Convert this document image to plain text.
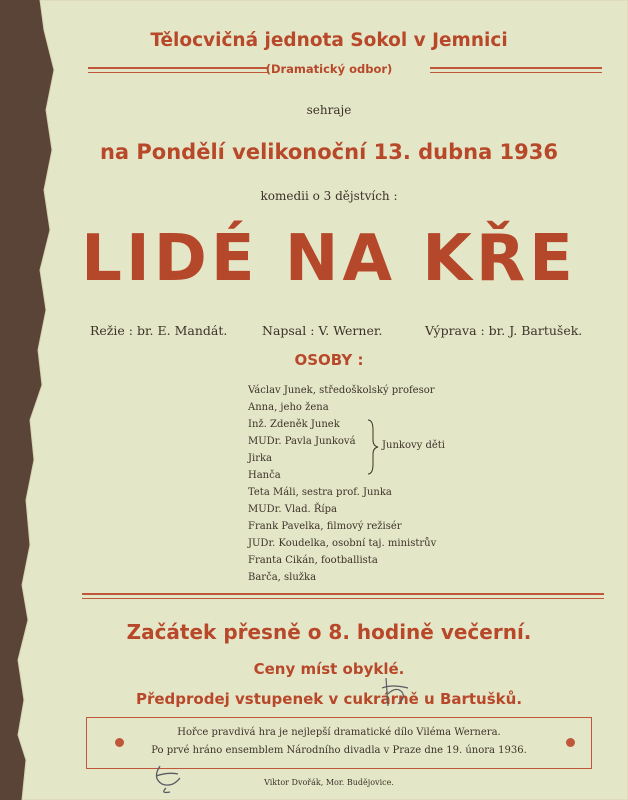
Tělocvičná jednota Sokol v Jemnici
(Dramatický odbor)
sehraje
na Pondělí velikonoční 13. dubna 1936
komedii o 3 dějstvích :
LIDÉ NA KŘE
Režie : br. E. Mandát.	Napsal : V. Werner.	Výprava : br. J. Bartušek.
OSOBY :
Václav Junek, středoškolský profesor
Anna, jeho žena
Inž. Zdeněk Junek
MUDr. Pavla Junková
Jirka
Hanča
Teta Máli, sestra prof. Junka
MUDr. Vlad. Řípa
Frank Pavelka, filmový režisér
JUDr. Koudelka, osobní taj. ministrův
Franta Cikán, footballista
Barča, služka
Junkovy děti
Začátek přesně o 8. hodině večerní.
Ceny míst obyklé.
Předprodej vstupenek v cukrárně u Bartušků.
Hořce pravdivá hra je nejlepší dramatické dílo Viléma Wernera.
Po prvé hráno ensemblem Národního divadla v Praze dne 19. února 1936.
Viktor Dvořák, Mor. Budějovice.
